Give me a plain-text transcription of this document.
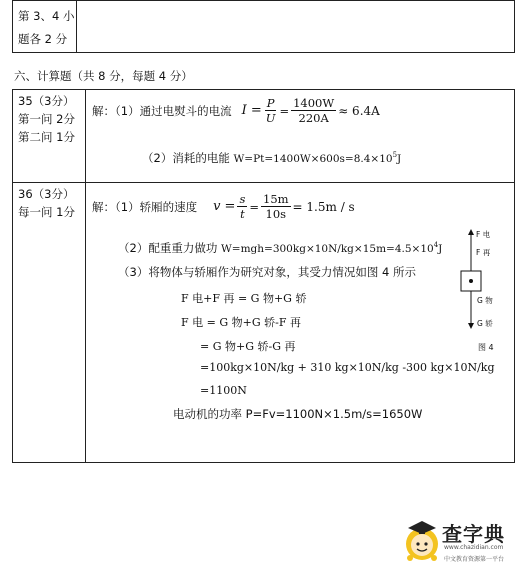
第 3、4 小
题各 2 分
六、计算题（共 8 分，每题 4 分）
35（3分）
第一问 2分
第二问 1分
解：（1）通过电熨斗的电流 $I = \frac{P}{U} = \frac{1400W}{220A} \approx 6.4A$
（2）消耗的电能 $W=Pt=1400W\times 600s=8.4\times 10^5J$
36（3分）
每一问 1分 解：（1）轿厢的速度 $v = \frac{s}{t} = \frac{15m}{10s} = 1.5m / s$
（2）配重重力做功 $W=mgh=300kg\times 10N/kg\times 15m=4.5\times 10^4J$
（3）将物体与轿厢作为研究对象，其受力情况如图 4 所示
F 电+F 再 = G 物+G 轿
F 电 = G 物+G 轿-F 再
= G 物+G 轿-G 再
=100kg×10N/kg + 310 kg×10N/kg -300 kg×10N/kg
=1100N
电动机的功率 P=Fv=1100N×1.5m/s=1650W
F 电
F 再
G 物
G 轿
图 4
查字典
www.chazidian.com
中文教育资源第一平台
